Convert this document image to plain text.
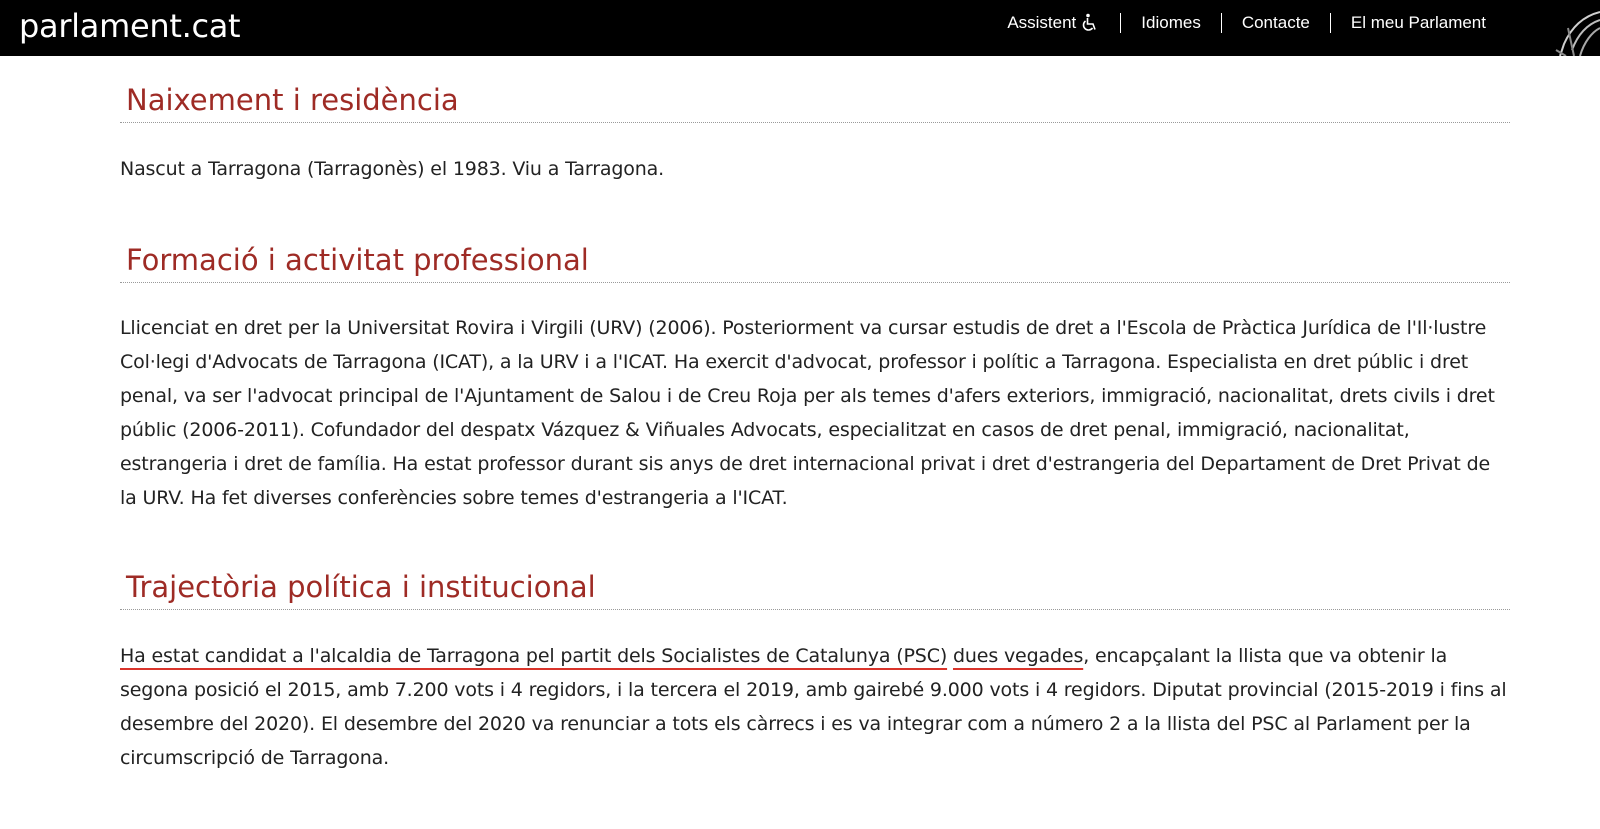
parlament.cat	Assistent	Idiomes	Contacte	El meu Parlament
Naixement i residència

Nascut a Tarragona (Tarragonès) el 1983. Viu a Tarragona.

Formació i activitat professional

Llicenciat en dret per la Universitat Rovira i Virgili (URV) (2006). Posteriorment va cursar estudis de dret a l'Escola de Pràctica Jurídica de l'Il·lustre Col·legi d'Advocats de Tarragona (ICAT), a la URV i a l'ICAT. Ha exercit d'advocat, professor i polític a Tarragona. Especialista en dret públic i dret penal, va ser l'advocat principal de l'Ajuntament de Salou i de Creu Roja per als temes d'afers exteriors, immigració, nacionalitat, drets civils i dret públic (2006-2011). Cofundador del despatx Vázquez & Viñuales Advocats, especialitzat en casos de dret penal, immigració, nacionalitat, estrangeria i dret de família. Ha estat professor durant sis anys de dret internacional privat i dret d'estrangeria del Departament de Dret Privat de la URV. Ha fet diverses conferències sobre temes d'estrangeria a l'ICAT.

Trajectòria política i institucional

Ha estat candidat a l'alcaldia de Tarragona pel partit dels Socialistes de Catalunya (PSC) dues vegades, encapçalant la llista que va obtenir la segona posició el 2015, amb 7.200 vots i 4 regidors, i la tercera el 2019, amb gairebé 9.000 vots i 4 regidors. Diputat provincial (2015-2019 i fins al desembre del 2020). El desembre del 2020 va renunciar a tots els càrrecs i es va integrar com a número 2 a la llista del PSC al Parlament per la circumscripció de Tarragona.
